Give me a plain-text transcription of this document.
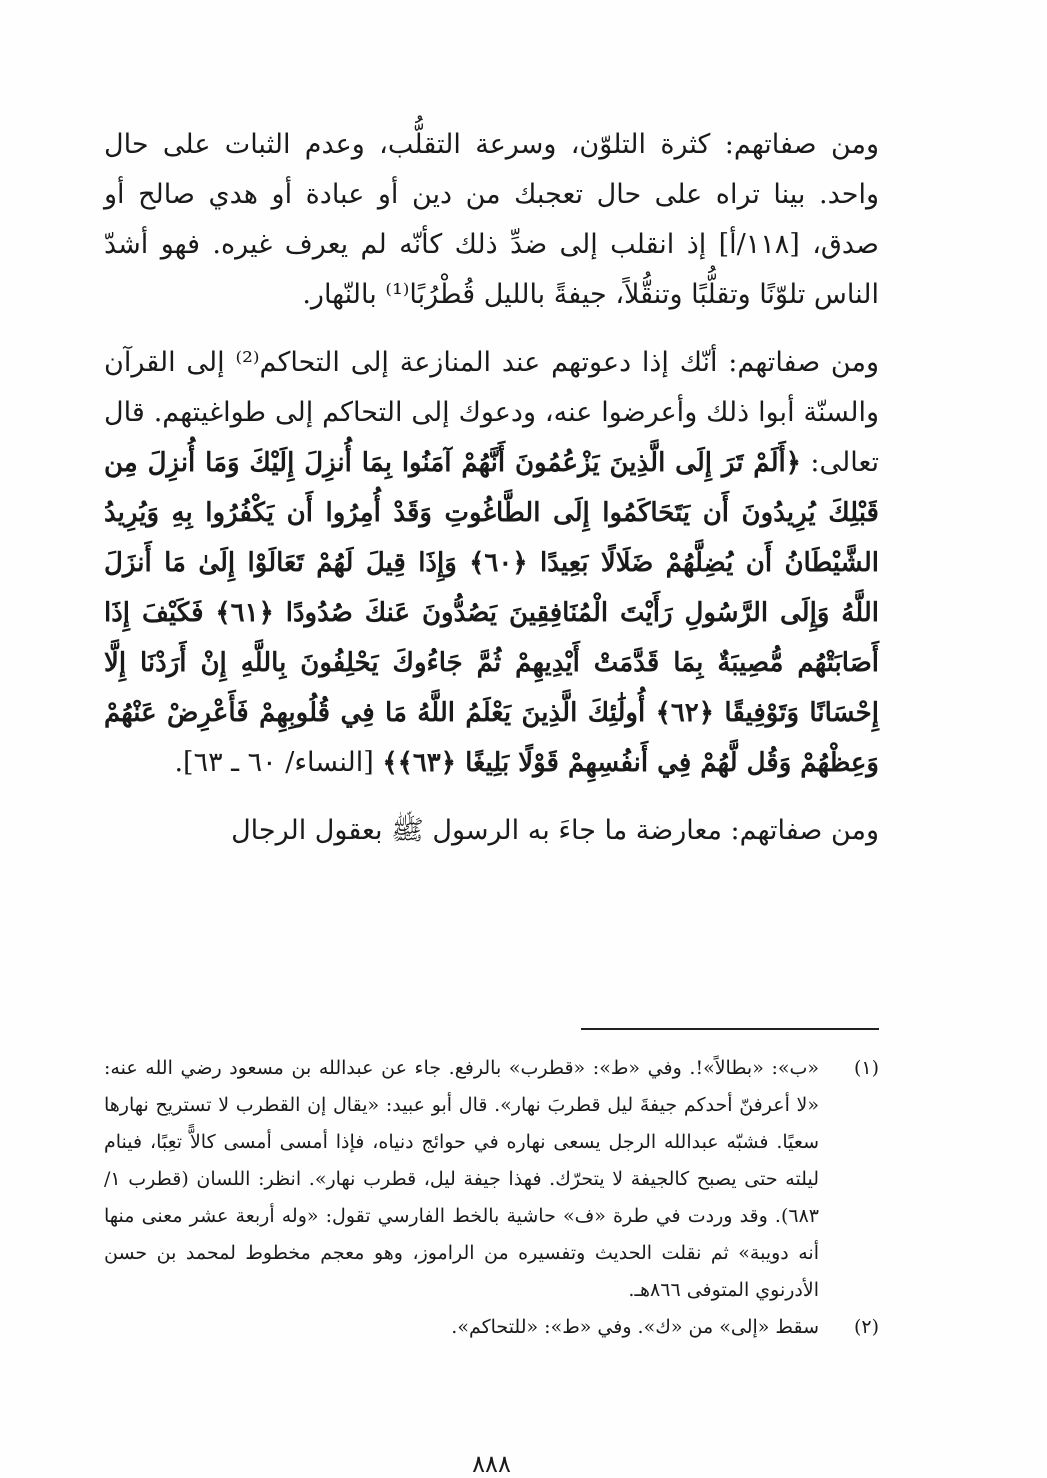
ومن صفاتهم: كثرة التلوّن، وسرعة التقلُّب، وعدم الثبات على حال واحد. بينا تراه على حال تعجبك من دين أو عبادة أو هدي صالح أو صدق، [١١٨/أ] إذ انقلب إلى ضدِّ ذلك كأنّه لم يعرف غيره. فهو أشدّ الناس تلوّنًا وتقلُّبًا وتنقُّلاً، جيفةً بالليل قُطْرُبًا⁽¹⁾ بالنّهار.

ومن صفاتهم: أنّك إذا دعوتهم عند المنازعة إلى التحاكم⁽²⁾ إلى القرآن والسنّة أبوا ذلك وأعرضوا عنه، ودعوك إلى التحاكم إلى طواغيتهم. قال تعالى: ﴿أَلَمْ تَرَ إِلَى الَّذِينَ يَزْعُمُونَ أَنَّهُمْ آمَنُوا بِمَا أُنزِلَ إِلَيْكَ وَمَا أُنزِلَ مِن قَبْلِكَ يُرِيدُونَ أَن يَتَحَاكَمُوا إِلَى الطَّاغُوتِ وَقَدْ أُمِرُوا أَن يَكْفُرُوا بِهِ وَيُرِيدُ الشَّيْطَانُ أَن يُضِلَّهُمْ ضَلَالًا بَعِيدًا ﴿٦٠﴾ وَإِذَا قِيلَ لَهُمْ تَعَالَوْا إِلَىٰ مَا أَنزَلَ اللَّهُ وَإِلَى الرَّسُولِ رَأَيْتَ الْمُنَافِقِينَ يَصُدُّونَ عَنكَ صُدُودًا ﴿٦١﴾ فَكَيْفَ إِذَا أَصَابَتْهُم مُّصِيبَةٌ بِمَا قَدَّمَتْ أَيْدِيهِمْ ثُمَّ جَاءُوكَ يَحْلِفُونَ بِاللَّهِ إِنْ أَرَدْنَا إِلَّا إِحْسَانًا وَتَوْفِيقًا ﴿٦٢﴾ أُولَٰئِكَ الَّذِينَ يَعْلَمُ اللَّهُ مَا فِي قُلُوبِهِمْ فَأَعْرِضْ عَنْهُمْ وَعِظْهُمْ وَقُل لَّهُمْ فِي أَنفُسِهِمْ قَوْلًا بَلِيغًا ﴿٦٣﴾﴾ [النساء/ ٦٠ ـ ٦٣].

ومن صفاتهم: معارضة ما جاءَ به الرسول ﷺ بعقول الرجال

(١)
«ب»: «بطالاً»!. وفي «ط»: «قطرب» بالرفع. جاء عن عبدالله بن مسعود رضي الله عنه: «لا أعرفنّ أحدكم جيفةَ ليل قطربَ نهار». قال أبو عبيد: «يقال إن القطرب لا تستريح نهارها سعيًا. فشبّه عبدالله الرجل يسعى نهاره في حوائج دنياه، فإذا أمسى أمسى كالاًّ تعِبًا، فينام ليلته حتى يصبح كالجيفة لا يتحرّك. فهذا جيفة ليل، قطرب نهار». انظر: اللسان (قطرب ١/ ٦٨٣). وقد وردت في طرة «ف» حاشية بالخط الفارسي تقول: «وله أربعة عشر معنى منها أنه دويبة» ثم نقلت الحديث وتفسيره من الراموز، وهو معجم مخطوط لمحمد بن حسن الأدرنوي المتوفى ٨٦٦هـ.
(٢)
سقط «إلى» من «ك». وفي «ط»: «للتحاكم».
٨٨٨
